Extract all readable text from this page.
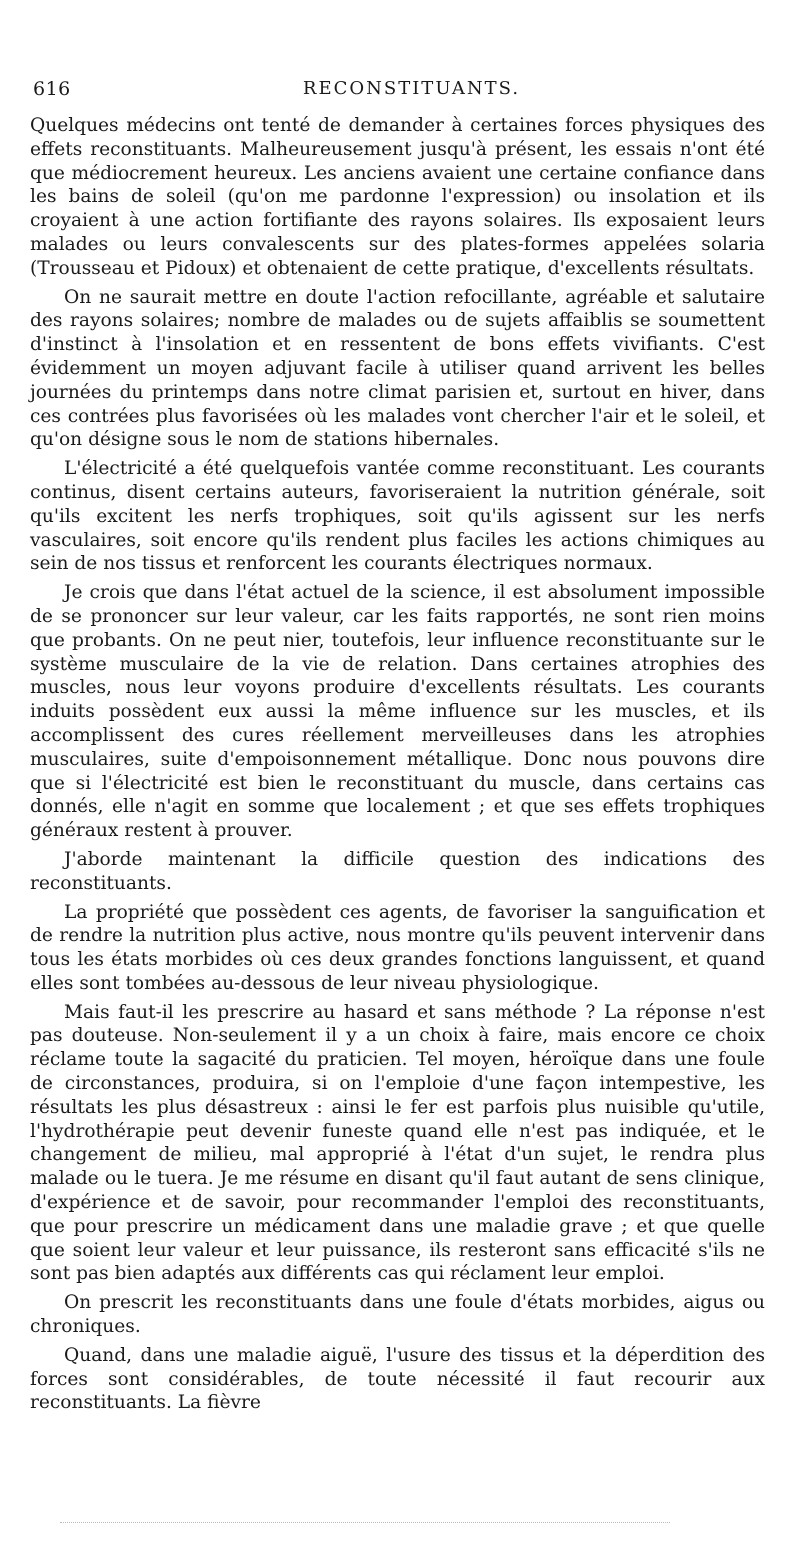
616	RECONSTITUANTS.

Quelques médecins ont tenté de demander à certaines forces physiques des effets reconstituants. Malheureusement jusqu'à présent, les essais n'ont été que médiocrement heureux. Les anciens avaient une certaine confiance dans les bains de soleil (qu'on me pardonne l'expression) ou insolation et ils croyaient à une action fortifiante des rayons solaires. Ils exposaient leurs malades ou leurs convalescents sur des plates-formes appelées solaria (Trousseau et Pidoux) et obtenaient de cette pratique, d'excellents résultats.

On ne saurait mettre en doute l'action refocillante, agréable et salutaire des rayons solaires; nombre de malades ou de sujets affaiblis se soumettent d'instinct à l'insolation et en ressentent de bons effets vivifiants. C'est évidemment un moyen adjuvant facile à utiliser quand arrivent les belles journées du printemps dans notre climat parisien et, surtout en hiver, dans ces contrées plus favorisées où les malades vont chercher l'air et le soleil, et qu'on désigne sous le nom de stations hibernales.

L'électricité a été quelquefois vantée comme reconstituant. Les courants continus, disent certains auteurs, favoriseraient la nutrition générale, soit qu'ils excitent les nerfs trophiques, soit qu'ils agissent sur les nerfs vasculaires, soit encore qu'ils rendent plus faciles les actions chimiques au sein de nos tissus et renforcent les courants électriques normaux.

Je crois que dans l'état actuel de la science, il est absolument impossible de se prononcer sur leur valeur, car les faits rapportés, ne sont rien moins que probants. On ne peut nier, toutefois, leur influence reconstituante sur le système musculaire de la vie de relation. Dans certaines atrophies des muscles, nous leur voyons produire d'excellents résultats. Les courants induits possèdent eux aussi la même influence sur les muscles, et ils accomplissent des cures réellement merveilleuses dans les atrophies musculaires, suite d'empoisonnement métallique. Donc nous pouvons dire que si l'électricité est bien le reconstituant du muscle, dans certains cas donnés, elle n'agit en somme que localement ; et que ses effets trophiques généraux restent à prouver.

J'aborde maintenant la difficile question des indications des reconstituants.

La propriété que possèdent ces agents, de favoriser la sanguification et de rendre la nutrition plus active, nous montre qu'ils peuvent intervenir dans tous les états morbides où ces deux grandes fonctions languissent, et quand elles sont tombées au-dessous de leur niveau physiologique.

Mais faut-il les prescrire au hasard et sans méthode ? La réponse n'est pas douteuse. Non-seulement il y a un choix à faire, mais encore ce choix réclame toute la sagacité du praticien. Tel moyen, héroïque dans une foule de circonstances, produira, si on l'emploie d'une façon intempestive, les résultats les plus désastreux : ainsi le fer est parfois plus nuisible qu'utile, l'hydrothérapie peut devenir funeste quand elle n'est pas indiquée, et le changement de milieu, mal approprié à l'état d'un sujet, le rendra plus malade ou le tuera. Je me résume en disant qu'il faut autant de sens clinique, d'expérience et de savoir, pour recommander l'emploi des reconstituants, que pour prescrire un médicament dans une maladie grave ; et que quelle que soient leur valeur et leur puissance, ils resteront sans efficacité s'ils ne sont pas bien adaptés aux différents cas qui réclament leur emploi.

On prescrit les reconstituants dans une foule d'états morbides, aigus ou chroniques.

Quand, dans une maladie aiguë, l'usure des tissus et la déperdition des forces sont considérables, de toute nécessité il faut recourir aux reconstituants. La fièvre
